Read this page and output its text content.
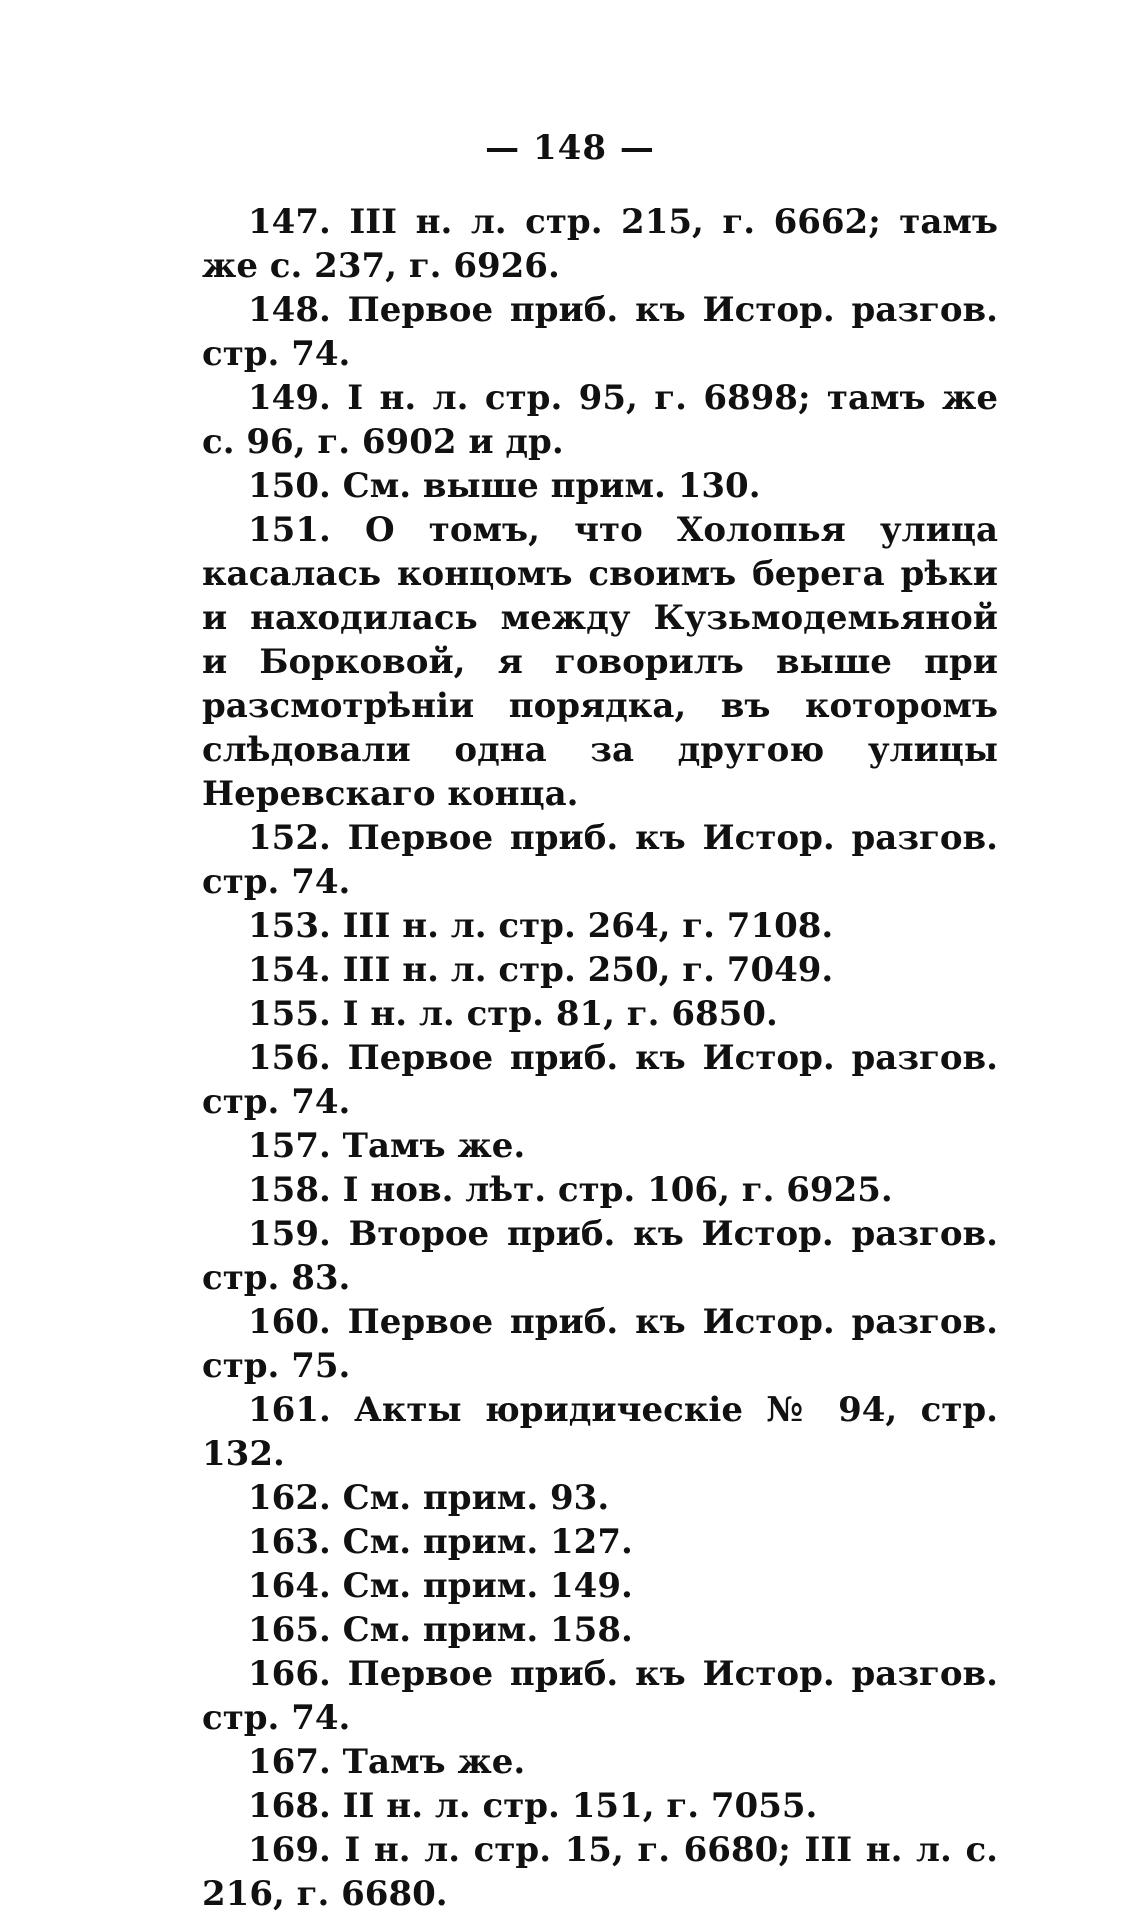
— 148 —
147. III н. л. стр. 215, г. 6662; тамъ же с. 237, г. 6926.
148. Первое приб. къ Истор. разгов. стр. 74.
149. I н. л. стр. 95, г. 6898; тамъ же с. 96, г. 6902 и др.
150. См. выше прим. 130.
151. О томъ, что Холопья улица касалась концомъ своимъ берега рѣки и находилась между Кузьмодемьяной и Борковой, я говорилъ выше при разсмотрѣніи порядка, въ которомъ слѣдовали одна за другою улицы Неревскаго конца.
152. Первое приб. къ Истор. разгов. стр. 74.
153. III н. л. стр. 264, г. 7108.
154. III н. л. стр. 250, г. 7049.
155. I н. л. стр. 81, г. 6850.
156. Первое приб. къ Истор. разгов. стр. 74.
157. Тамъ же.
158. I нов. лѣт. стр. 106, г. 6925.
159. Второе приб. къ Истор. разгов. стр. 83.
160. Первое приб. къ Истор. разгов. стр. 75.
161. Акты юридическіе № 94, стр. 132.
162. См. прим. 93.
163. См. прим. 127.
164. См. прим. 149.
165. См. прим. 158.
166. Первое приб. къ Истор. разгов. стр. 74.
167. Тамъ же.
168. II н. л. стр. 151, г. 7055.
169. I н. л. стр. 15, г. 6680; III н. л. с. 216, г. 6680.
